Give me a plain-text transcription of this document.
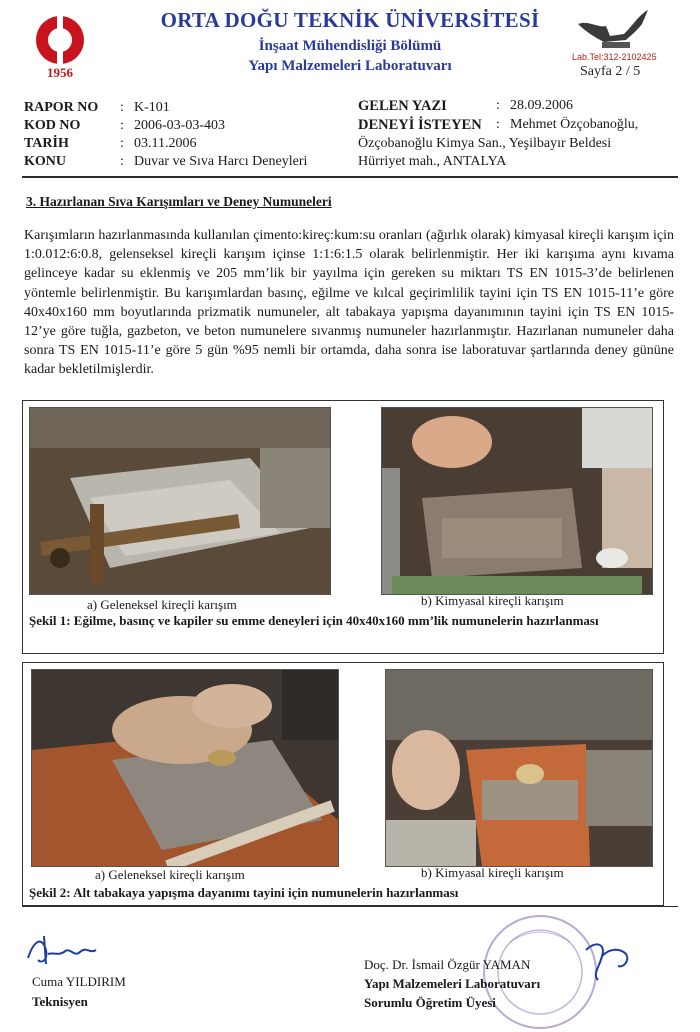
1956
ORTA DOĞU TEKNİK ÜNİVERSİTESİ
İnşaat Mühendisliği Bölümü
Yapı Malzemeleri Laboratuvarı
Lab.Tel:312-2102425
Sayfa 2 / 5
RAPOR NO	: K-101
KOD NO	: 2006-03-03-403
TARİH	: 03.11.2006
KONU	: Duvar ve Sıva Harcı Deneyleri
GELEN YAZI	: 28.09.2006
DENEYİ İSTEYEN : Mehmet Özçobanoğlu,
Özçobanoğlu Kimya San., Yeşilbayır Beldesi
Hürriyet mah., ANTALYA
3. Hazırlanan Sıva Karışımları ve Deney Numuneleri
Karışımların hazırlanmasında kullanılan çimento:kireç:kum:su oranları (ağırlık olarak) kimyasal kireçli karışım için 1:0.012:6:0.8, gelenseksel kireçli karışım içinse 1:1:6:1.5 olarak belirlenmiştir. Her iki karışıma aynı kıvama gelinceye kadar su eklenmiş ve 205 mm’lik bir yayılma için gereken su miktarı TS EN 1015-3’de belirlenen yöntemle belirlenmiştir. Bu karışımlardan basınç, eğilme ve kılcal geçirimlilik tayini için TS EN 1015-11’e göre 40x40x160 mm boyutlarında prizmatik numuneler, alt tabakaya yapışma dayanımının tayini için TS EN 1015-12’ye göre tuğla, gazbeton, ve beton numunelere sıvanmış numuneler hazırlanmıştır. Hazırlanan numuneler daha sonra TS EN 1015-11’e göre 5 gün %95 nemli bir ortamda, daha sonra ise laboratuvar şartlarında deney gününe kadar bekletilmişlerdir.
a) Geleneksel kireçli karışım	b) Kimyasal kireçli karışım
Şekil 1: Eğilme, basınç ve kapiler su emme deneyleri için 40x40x160 mm’lik numunelerin hazırlanması
a) Geleneksel kireçli karışım	b) Kimyasal kireçli karışım
Şekil 2: Alt tabakaya yapışma dayanımı tayini için numunelerin hazırlanması
Cuma YILDIRIM
Teknisyen
Doç. Dr. İsmail Özgür YAMAN
Yapı Malzemeleri Laboratuvarı
Sorumlu Öğretim Üyesi
